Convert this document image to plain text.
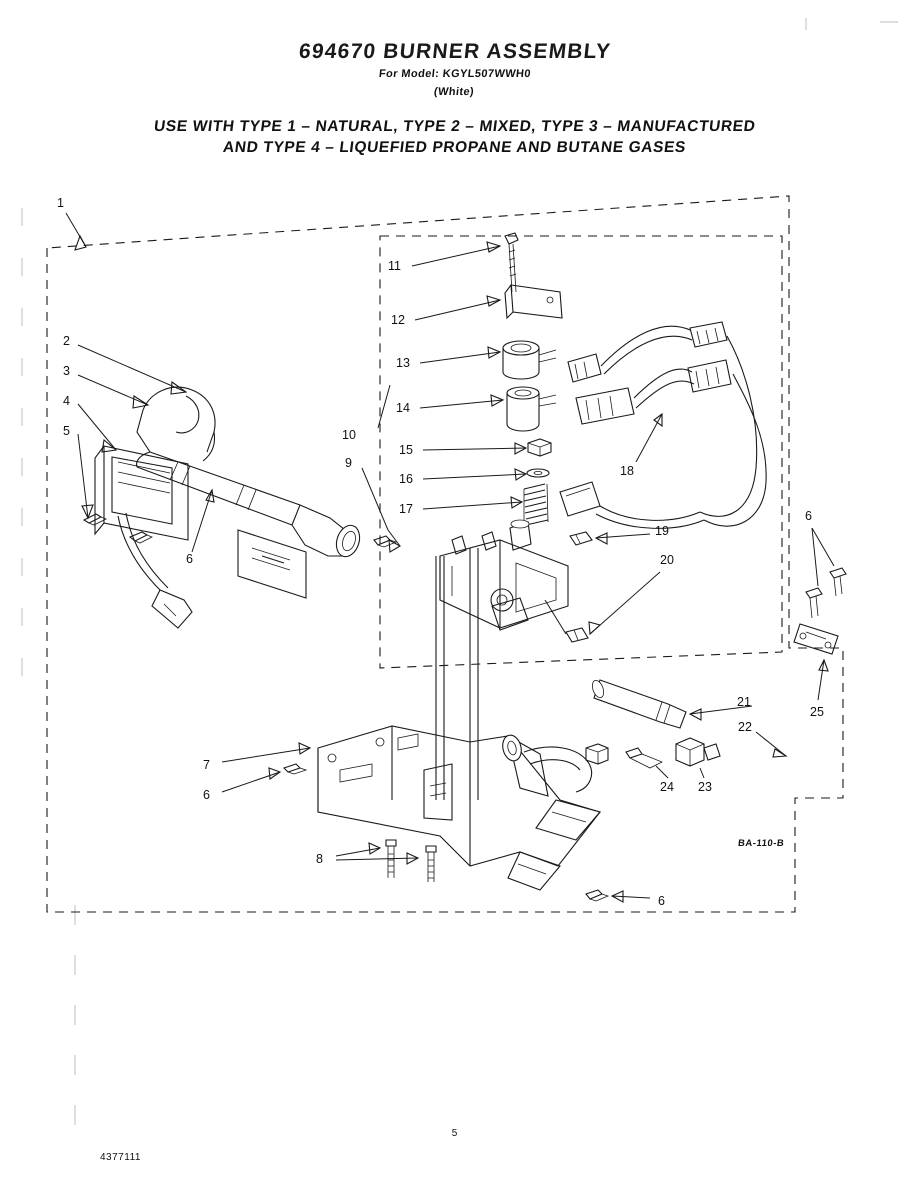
694670 BURNER ASSEMBLY
For Model: KGYL507WWH0
(White)
USE WITH TYPE 1 – NATURAL, TYPE 2 – MIXED, TYPE 3 – MANUFACTURED
AND TYPE 4 – LIQUEFIED PROPANE AND BUTANE GASES
1
2
3
4
5
6
7
6
8
9
10
11
12
13
14
15
16
17
18
19
20
21
22
23
24
25
6
6
BA-110-B
5
4377111
